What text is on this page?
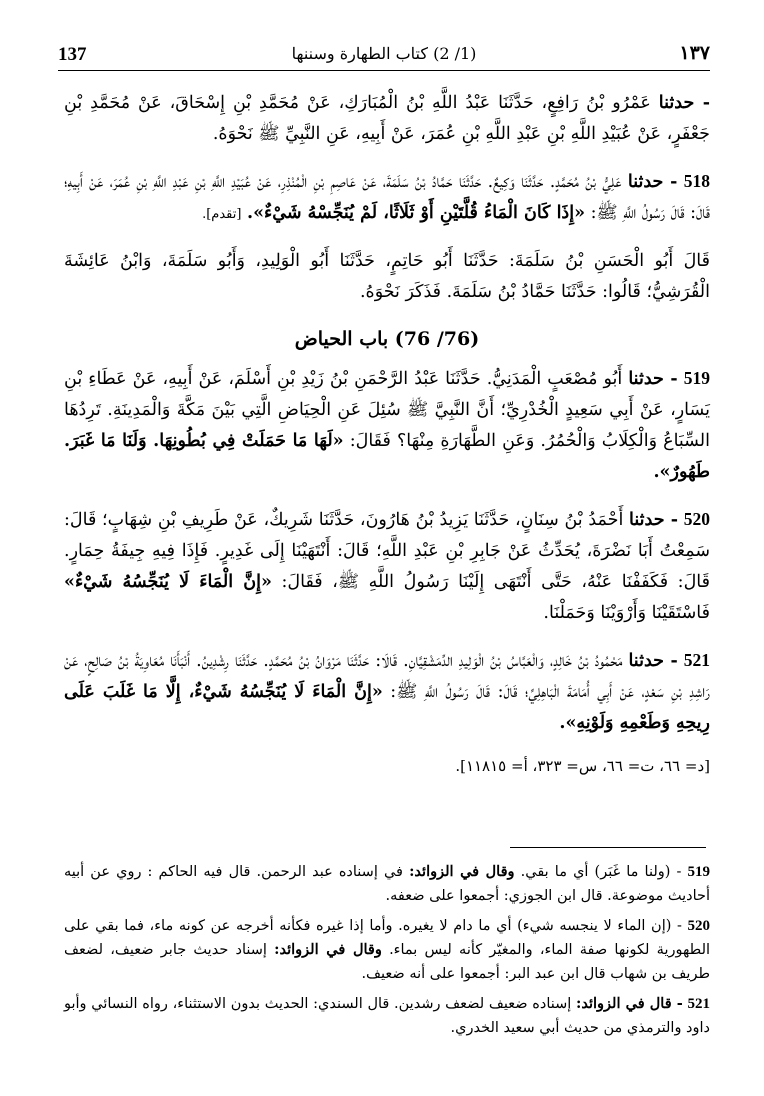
137	(1/ 2) كتاب الطهارة وسننها	١٣٧

- حدثنا عَمْرُو بْنُ رَافِعٍ، حَدَّثَنَا عَبْدُ اللَّهِ بْنُ الْمُبَارَكِ، عَنْ مُحَمَّدِ بْنِ إِسْحَاقَ، عَنْ مُحَمَّدِ بْنِ جَعْفَرٍ، عَنْ عُبَيْدِ اللَّهِ بْنِ عَبْدِ اللَّهِ بْنِ عُمَرَ، عَنْ أَبِيهِ، عَنِ النَّبِيِّ ﷺ نَحْوَهُ.

518 - حدثنا عَلِيُّ بْنُ مُحَمَّدٍ. حَدَّثَنَا وَكِيعٌ. حَدَّثَنَا حَمَّادُ بْنُ سَلَمَةَ، عَنْ عَاصِمِ بْنِ الْمُنْذِرِ، عَنْ عُبَيْدِ اللَّهِ بْنِ عَبْدِ اللَّهِ بْنِ عُمَرَ، عَنْ أَبِيهِ؛ قَالَ: قَالَ رَسُولُ اللَّهِ ﷺ: «إِذَا كَانَ الْمَاءُ قُلَّتَيْنِ أَوْ ثَلَاثًا، لَمْ يُنَجِّسْهُ شَيْءٌ». [تقدم].

قَالَ أَبُو الْحَسَنِ بْنُ سَلَمَةَ: حَدَّثَنَا أَبُو حَاتِمٍ، حَدَّثَنَا أَبُو الْوَلِيدِ، وَأَبُو سَلَمَةَ، وَابْنُ عَائِشَةَ الْقُرَشِيُّ؛ قَالُوا: حَدَّثَنَا حَمَّادُ بْنُ سَلَمَةَ. فَذَكَرَ نَحْوَهُ.

(76/ 76) باب الحياض

519 - حدثنا أَبُو مُصْعَبٍ الْمَدَنِيُّ. حَدَّثَنَا عَبْدُ الرَّحْمَنِ بْنُ زَيْدِ بْنِ أَسْلَمَ، عَنْ أَبِيهِ، عَنْ عَطَاءِ بْنِ يَسَارٍ، عَنْ أَبِي سَعِيدٍ الْخُدْرِيِّ؛ أَنَّ النَّبِيَّ ﷺ سُئِلَ عَنِ الْحِيَاضِ الَّتِي بَيْنَ مَكَّةَ وَالْمَدِينَةِ. تَرِدُهَا السِّبَاعُ وَالْكِلَابُ وَالْحُمُرُ. وَعَنِ الطَّهَارَةِ مِنْهَا؟ فَقَالَ: «لَهَا مَا حَمَلَتْ فِي بُطُونِهَا. وَلَنَا مَا غَبَرَ. طَهُورٌ».

520 - حدثنا أَحْمَدُ بْنُ سِنَانٍ، حَدَّثَنَا يَزِيدُ بْنُ هَارُونَ، حَدَّثَنَا شَرِيكٌ، عَنْ طَرِيفِ بْنِ شِهَابٍ؛ قَالَ: سَمِعْتُ أَبَا نَضْرَةَ، يُحَدِّثُ عَنْ جَابِرِ بْنِ عَبْدِ اللَّهِ؛ قَالَ: أَنْتَهَيْنَا إِلَى غَدِيرٍ. فَإِذَا فِيهِ جِيفَةُ حِمَارٍ. قَالَ: فَكَفَفْنَا عَنْهُ، حَتَّى أَنْتَهَى إِلَيْنَا رَسُولُ اللَّهِ ﷺ، فَقَالَ: «إِنَّ الْمَاءَ لَا يُنَجِّسُهُ شَيْءٌ» فَاسْتَقَيْنَا وَأَرْوَيْنَا وَحَمَلْنَا.

521 - حدثنا مَحْمُودُ بْنُ خَالِدٍ، وَالْعَبَّاسُ بْنُ الْوَلِيدِ الدِّمَشْقِيَّانِ. قَالَا: حَدَّثَنَا مَرْوَانُ بْنُ مُحَمَّدٍ. حَدَّثَنَا رِشْدِينُ. أَنْبَأَنَا مُعَاوِيَةُ بْنُ صَالِحٍ، عَنْ رَاشِدِ بْنِ سَعْدٍ، عَنْ أَبِي أُمَامَةَ الْبَاهِلِيِّ؛ قَالَ: قَالَ رَسُولُ اللَّهِ ﷺ: «إِنَّ الْمَاءَ لَا يُنَجِّسُهُ شَيْءٌ، إِلَّا مَا غَلَبَ عَلَى رِيحِهِ وَطَعْمِهِ وَلَوْنِهِ».

[د= ٦٦، ت= ٦٦، س= ٣٢٣، أ= ١١٨١٥].

519 - (ولنا ما غَبَر) أي ما بقي. وقال في الزوائد: في إسناده عبد الرحمن. قال فيه الحاكم : روي عن أبيه أحاديث موضوعة. قال ابن الجوزي: أجمعوا على ضعفه.

520 - (إن الماء لا ينجسه شيء) أي ما دام لا يغيره. وأما إذا غيره فكأنه أخرجه عن كونه ماء، فما بقي على الطهورية لكونها صفة الماء، والمغيّر كأنه ليس بماء. وقال في الزوائد: إسناد حديث جابر ضعيف، لضعف طريف بن شهاب قال ابن عبد البر: أجمعوا على أنه ضعيف.

521 - قال في الزوائد: إسناده ضعيف لضعف رشدين. قال السندي: الحديث بدون الاستثناء، رواه النسائي وأبو داود والترمذي من حديث أبي سعيد الخدري.
